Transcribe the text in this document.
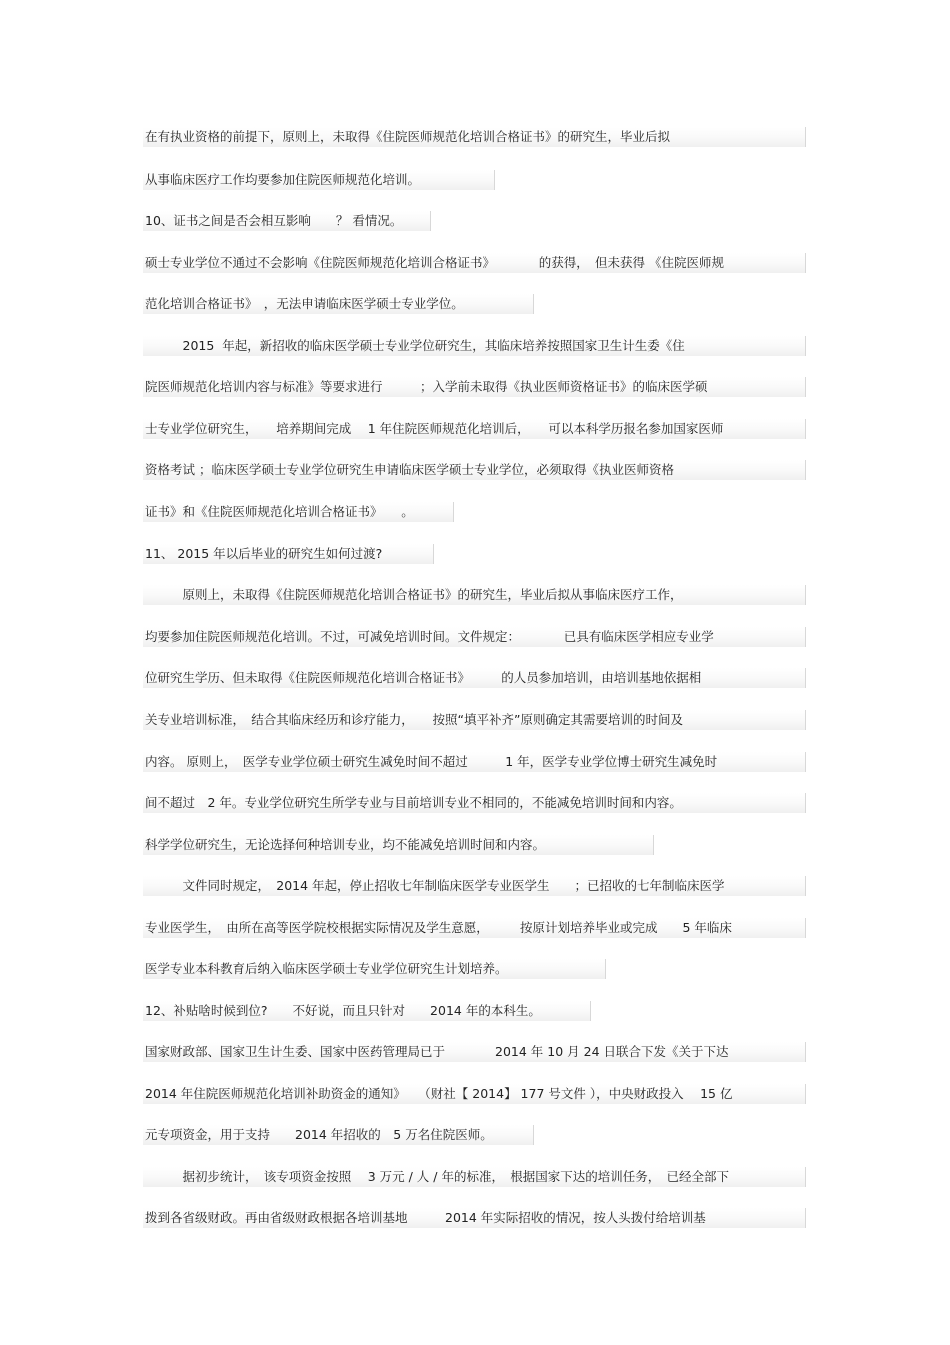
在有执业资格的前提下，原则上，未取得《住院医师规范化培训合格证书》的研究生，毕业后拟
从事临床医疗工作均要参加住院医师规范化培训。
10、证书之间是否会相互影响　　？ 看情况。
硕士专业学位不通过不会影响《住院医师规范化培训合格证书》　　　　的获得，　但未获得 《住院医师规
范化培训合格证书》　，无法申请临床医学硕士专业学位。
　　　2015  年起，新招收的临床医学硕士专业学位研究生，其临床培养按照国家卫生计生委《住
院医师规范化培训内容与标准》等要求进行　　　；入学前未取得《执业医师资格证书》的临床医学硕
士专业学位研究生，　　培养期间完成　 1 年住院医师规范化培训后，　　可以本科学历报名参加国家医师
资格考试 ；临床医学硕士专业学位研究生申请临床医学硕士专业学位，必须取得《执业医师资格
证书》和《住院医师规范化培训合格证书》　　。
11、 2015 年以后毕业的研究生如何过渡?
　　　原则上，未取得《住院医师规范化培训合格证书》的研究生，毕业后拟从事临床医疗工作，
均要参加住院医师规范化培训。不过，可减免培训时间。文件规定：　　　　已具有临床医学相应专业学
位研究生学历、但未取得《住院医师规范化培训合格证书》　　　的人员参加培训，由培训基地依据相
关专业培训标准，　结合其临床经历和诊疗能力，　　按照“填平补齐”原则确定其需要培训的时间及
内容。 原则上，　医学专业学位硕士研究生减免时间不超过　　　1 年，医学专业学位博士研究生减免时
间不超过　2 年。专业学位研究生所学专业与目前培训专业不相同的，不能减免培训时间和内容。
科学学位研究生，无论选择何种培训专业，均不能减免培训时间和内容。
　　　文件同时规定，　2014 年起，停止招收七年制临床医学专业医学生　　；已招收的七年制临床医学
专业医学生，　由所在高等医学院校根据实际情况及学生意愿，　　　按原计划培养毕业或完成　　5 年临床
医学专业本科教育后纳入临床医学硕士专业学位研究生计划培养。
12、补贴啥时候到位?　　不好说，而且只针对　　2014 年的本科生。
国家财政部、国家卫生计生委、国家中医药管理局已于　　　　2014 年 10 月 24 日联合下发《关于下达
2014 年住院医师规范化培训补助资金的通知》　　（财社【 2014】 177 号文件 ），中央财政投入　 15 亿
元专项资金，用于支持　　2014 年招收的　5 万名住院医师。
　　　据初步统计，　该专项资金按照　 3 万元 / 人 / 年的标准，　根据国家下达的培训任务，　已经全部下
拨到各省级财政。再由省级财政根据各培训基地　　　2014 年实际招收的情况，按人头拨付给培训基
